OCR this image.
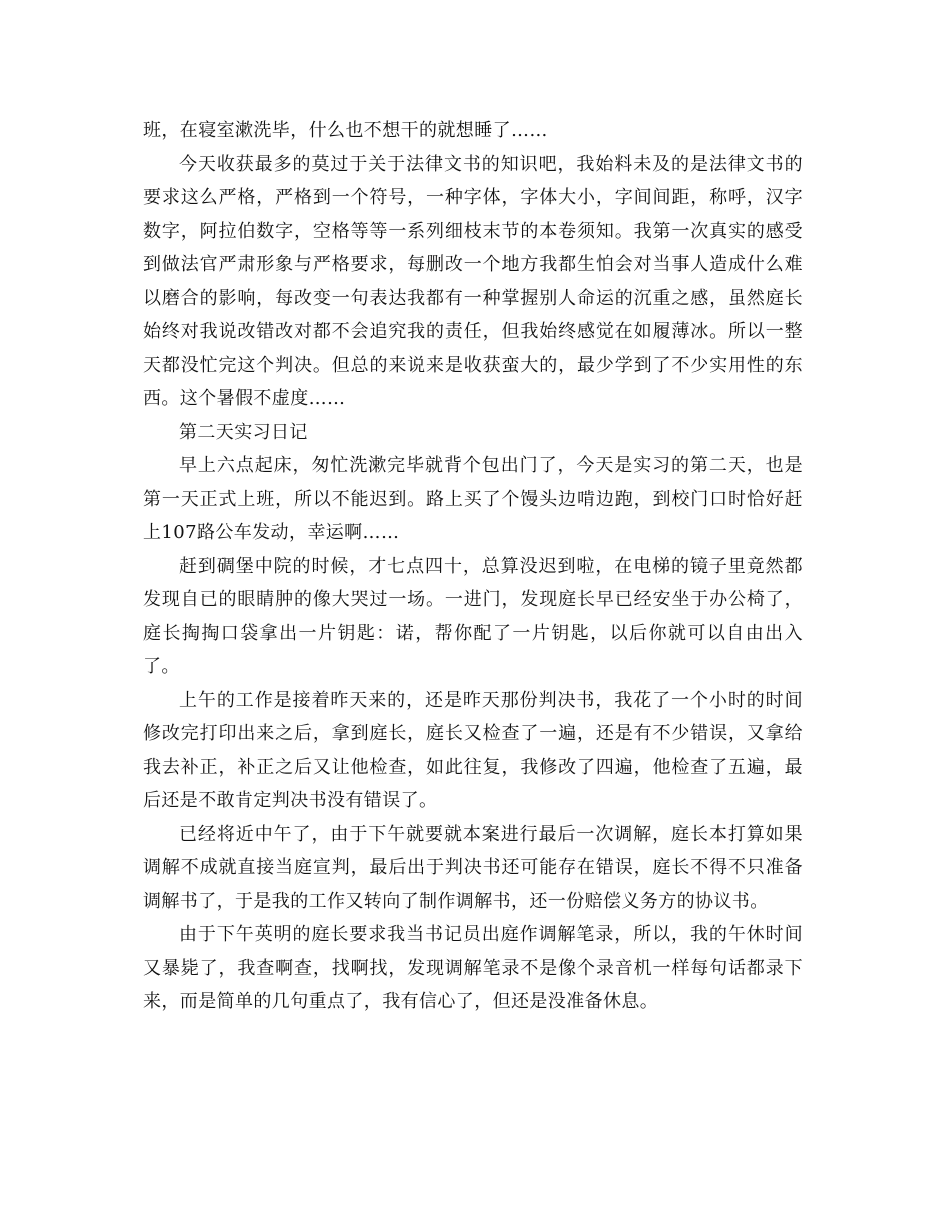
班，在寝室漱洗毕，什么也不想干的就想睡了……

今天收获最多的莫过于关于法律文书的知识吧，我始料未及的是法律文书的要求这么严格，严格到一个符号，一种字体，字体大小，字间间距，称呼，汉字数字，阿拉伯数字，空格等等一系列细枝末节的本卷须知。我第一次真实的感受到做法官严肃形象与严格要求，每删改一个地方我都生怕会对当事人造成什么难以磨合的影响，每改变一句表达我都有一种掌握别人命运的沉重之感，虽然庭长始终对我说改错改对都不会追究我的责任，但我始终感觉在如履薄冰。所以一整天都没忙完这个判决。但总的来说来是收获蛮大的，最少学到了不少实用性的东西。这个暑假不虚度……

第二天实习日记

早上六点起床，匆忙洗漱完毕就背个包出门了，今天是实习的第二天，也是第一天正式上班，所以不能迟到。路上买了个馒头边啃边跑，到校门口时恰好赶上107路公车发动，幸运啊……

赶到碉堡中院的时候，才七点四十，总算没迟到啦，在电梯的镜子里竟然都发现自已的眼睛肿的像大哭过一场。一进门，发现庭长早已经安坐于办公椅了，庭长掏掏口袋拿出一片钥匙：诺，帮你配了一片钥匙，以后你就可以自由出入了。

上午的工作是接着昨天来的，还是昨天那份判决书，我花了一个小时的时间修改完打印出来之后，拿到庭长，庭长又检查了一遍，还是有不少错误，又拿给我去补正，补正之后又让他检查，如此往复，我修改了四遍，他检查了五遍，最后还是不敢肯定判决书没有错误了。

已经将近中午了，由于下午就要就本案进行最后一次调解，庭长本打算如果调解不成就直接当庭宣判，最后出于判决书还可能存在错误，庭长不得不只准备调解书了，于是我的工作又转向了制作调解书，还一份赔偿义务方的协议书。

由于下午英明的庭长要求我当书记员出庭作调解笔录，所以，我的午休时间又暴毙了，我查啊查，找啊找，发现调解笔录不是像个录音机一样每句话都录下来，而是简单的几句重点了，我有信心了，但还是没准备休息。
